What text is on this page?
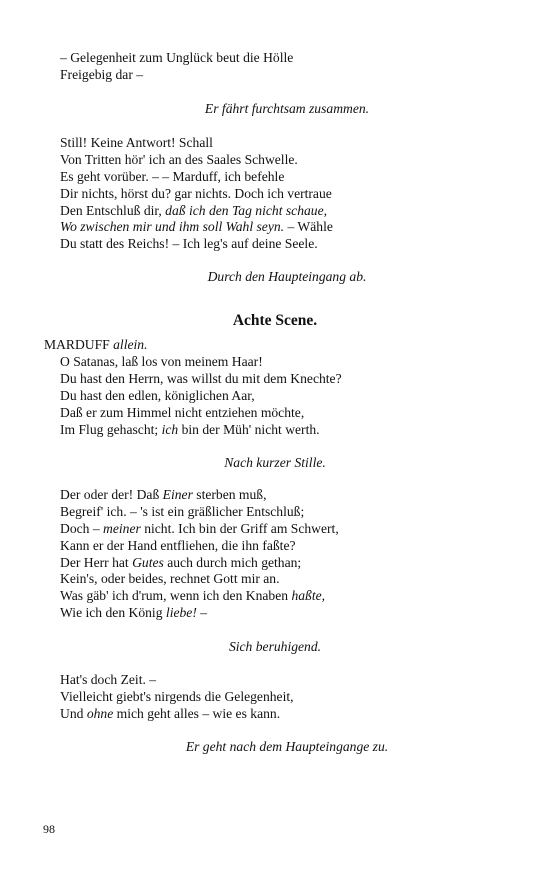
– Gelegenheit zum Unglück beut die Hölle
Freigebig dar –
Er fährt furchtsam zusammen.
Still! Keine Antwort! Schall
Von Tritten hör' ich an des Saales Schwelle.
Es geht vorüber. – – Marduff, ich befehle
Dir nichts, hörst du? gar nichts. Doch ich vertraue
Den Entschluß dir, daß ich den Tag nicht schaue,
Wo zwischen mir und ihm soll Wahl seyn. – Wähle
Du statt des Reichs! – Ich leg's auf deine Seele.
Durch den Haupteingang ab.
Achte Scene.
MARDUFF allein.
O Satanas, laß los von meinem Haar!
Du hast den Herrn, was willst du mit dem Knechte?
Du hast den edlen, königlichen Aar,
Daß er zum Himmel nicht entziehen möchte,
Im Flug gehascht; ich bin der Müh' nicht werth.
Nach kurzer Stille.
Der oder der! Daß Einer sterben muß,
Begreif' ich. – 's ist ein gräßlicher Entschluß;
Doch – meiner nicht. Ich bin der Griff am Schwert,
Kann er der Hand entfliehen, die ihn faßte?
Der Herr hat Gutes auch durch mich gethan;
Kein's, oder beides, rechnet Gott mir an.
Was gäb' ich d'rum, wenn ich den Knaben haßte,
Wie ich den König liebe! –
Sich beruhigend.
Hat's doch Zeit. –
Vielleicht giebt's nirgends die Gelegenheit,
Und ohne mich geht alles – wie es kann.
Er geht nach dem Haupteingange zu.
98
